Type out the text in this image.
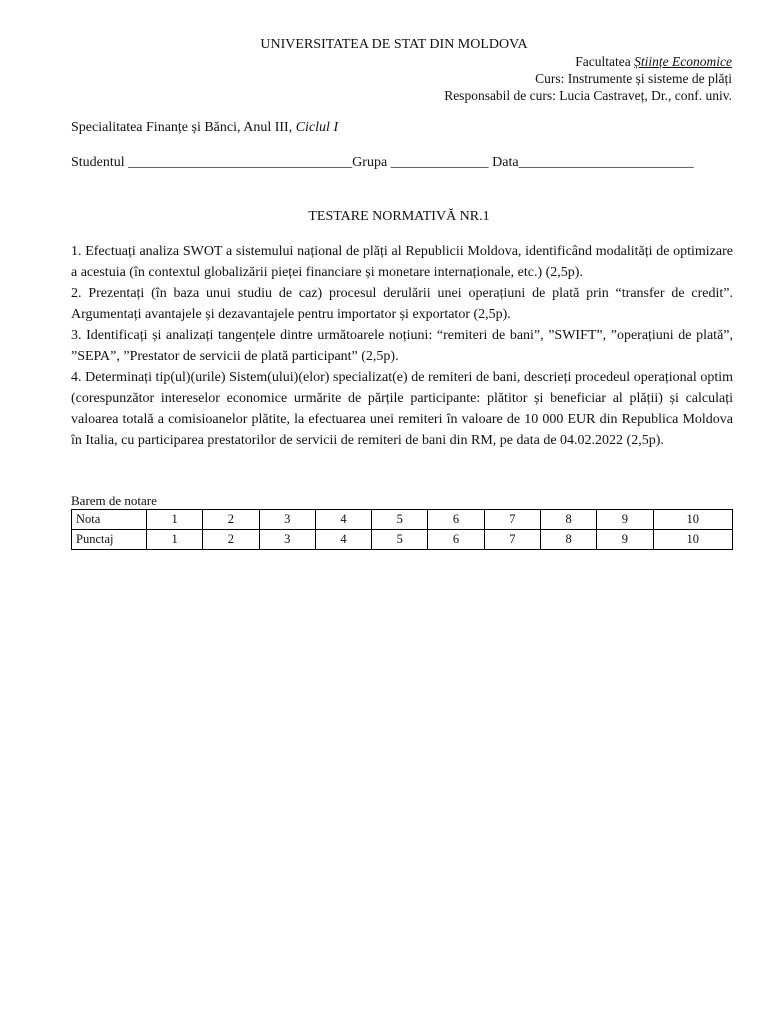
UNIVERSITATEA DE STAT DIN MOLDOVA
Facultatea Științe Economice
Curs: Instrumente și sisteme de plăți
Responsabil de curs: Lucia Castraveț, Dr., conf. univ.
Specialitatea Finanțe și Bănci, Anul III, Ciclul I
Studentul ________________________________Grupa ______________ Data_________________________
TESTARE NORMATIVĂ NR.1

1. Efectuați analiza SWOT a sistemului național de plăți al Republicii Moldova, identificând modalități de optimizare a acestuia (în contextul globalizării pieței financiare și monetare internaționale, etc.) (2,5p).

2. Prezentați (în baza unui studiu de caz) procesul derulării unei operațiuni de plată prin “transfer de credit”. Argumentați avantajele și dezavantajele pentru importator și exportator (2,5p).

3. Identificați și analizați tangențele dintre următoarele noțiuni: “remiteri de bani”, ”SWIFT”, ”operațiuni de plată”, ”SEPA”, ”Prestator de servicii de plată participant” (2,5p).

4. Determinați tip(ul)(urile) Sistem(ului)(elor) specializat(e) de remiteri de bani, descrieți procedeul operațional optim (corespunzător intereselor economice urmărite de părțile participante: plătitor și beneficiar al plății) și calculați valoarea totală a comisioanelor plătite, la efectuarea unei remiteri în valoare de 10 000 EUR din Republica Moldova în Italia, cu participarea prestatorilor de servicii de remiteri de bani din RM, pe data de 04.02.2022 (2,5p).

Barem de notare
Nota	1	2	3	4	5	6	7	8	9	10
Punctaj	1	2	3	4	5	6	7	8	9	10
